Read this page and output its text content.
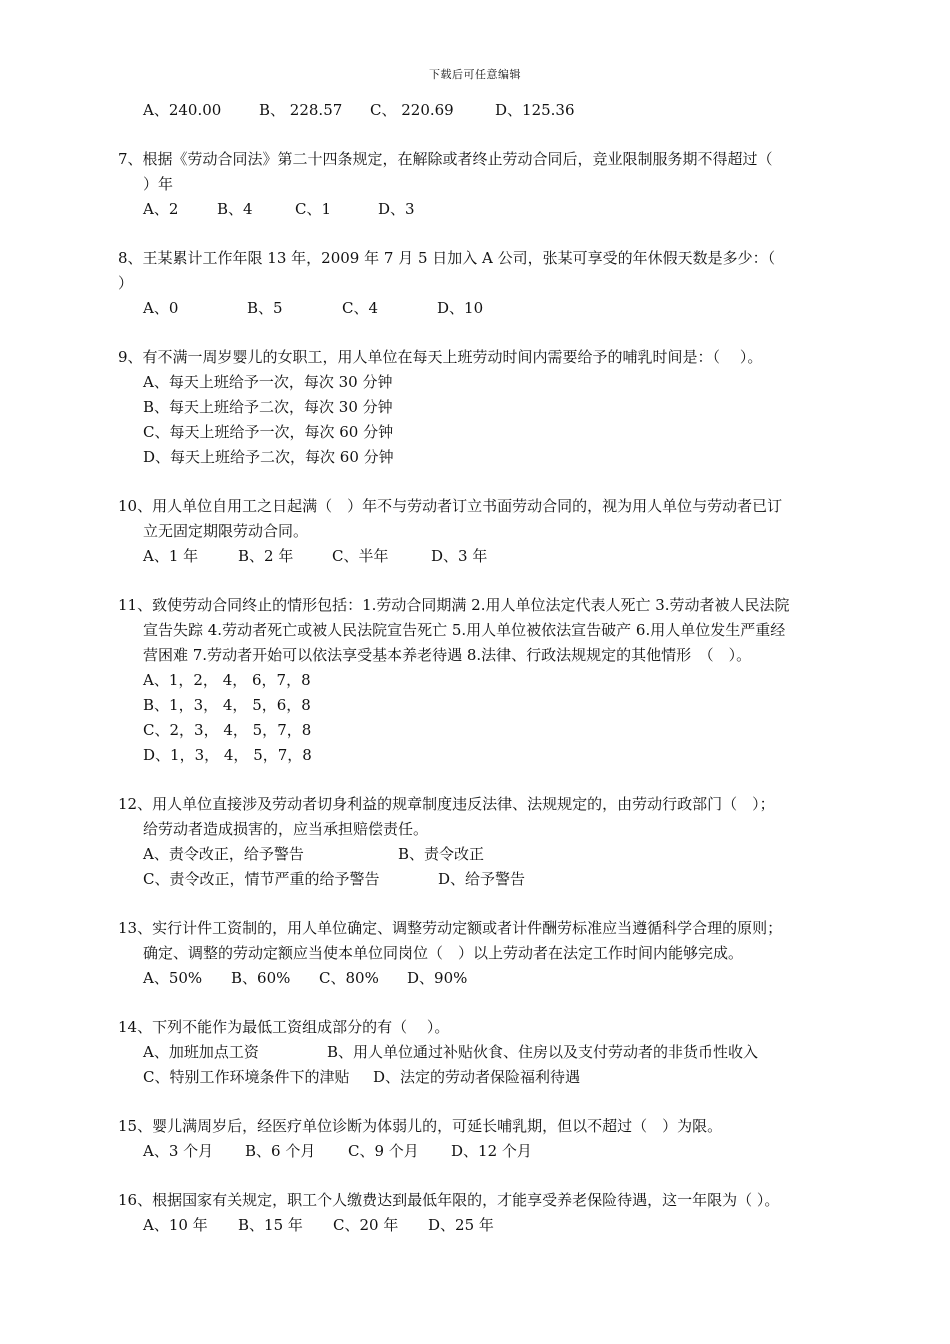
下载后可任意编辑
A、240.00	B、 228.57 C、 220.69	D、125.36
7、根据《劳动合同法》第二十四条规定，在解除或者终止劳动合同后，竞业限制服务期不得超过（
）年
A、2	B、4	C、1	D、3
8、王某累计工作年限 13 年，2009 年 7 月 5 日加入 A 公司，张某可享受的年休假天数是多少：（
）
A、0	B、5	C、4	D、10
9、有不满一周岁婴儿的女职工，用人单位在每天上班劳动时间内需要给予的哺乳时间是：（　 ）。
A、每天上班给予一次，每次 30 分钟
B、每天上班给予二次，每次 30 分钟
C、每天上班给予一次，每次 60 分钟
D、每天上班给予二次，每次 60 分钟
10、用人单位自用工之日起满（　）年不与劳动者订立书面劳动合同的，视为用人单位与劳动者已订
立无固定期限劳动合同。
A、1 年	B、2 年	C、半年	D、3 年
11、致使劳动合同终止的情形包括：1.劳动合同期满 2.用人单位法定代表人死亡 3.劳动者被人民法院
宣告失踪 4.劳动者死亡或被人民法院宣告死亡 5.用人单位被依法宣告破产 6.用人单位发生严重经
营困难 7.劳动者开始可以依法享受基本养老待遇 8.法律、行政法规规定的其他情形　（　）。
A、1，2， 4， 6，7，8
B、1，3， 4， 5，6，8
C、2，3， 4， 5，7，8
D、1，3， 4， 5，7，8
12、用人单位直接涉及劳动者切身利益的规章制度违反法律、法规规定的，由劳动行政部门（　）；
给劳动者造成损害的，应当承担赔偿责任。
A、责令改正，给予警告	B、责令改正
C、责令改正，情节严重的给予警告	D、给予警告
13、实行计件工资制的，用人单位确定、调整劳动定额或者计件酬劳标准应当遵循科学合理的原则；
确定、调整的劳动定额应当使本单位同岗位（　）以上劳动者在法定工作时间内能够完成。
A、50% B、60% C、80% D、90%
14、下列不能作为最低工资组成部分的有（　 ）。
A、加班加点工资	B、用人单位通过补贴伙食、住房以及支付劳动者的非货币性收入
C、特别工作环境条件下的津贴 D、法定的劳动者保险福利待遇
15、婴儿满周岁后，经医疗单位诊断为体弱儿的，可延长哺乳期，但以不超过（　）为限。
A、3 个月 B、6 个月 C、9 个月 D、12 个月
16、根据国家有关规定，职工个人缴费达到最低年限的，才能享受养老保险待遇，这一年限为（ ）。
A、10 年 B、15 年 C、20 年 D、25 年
